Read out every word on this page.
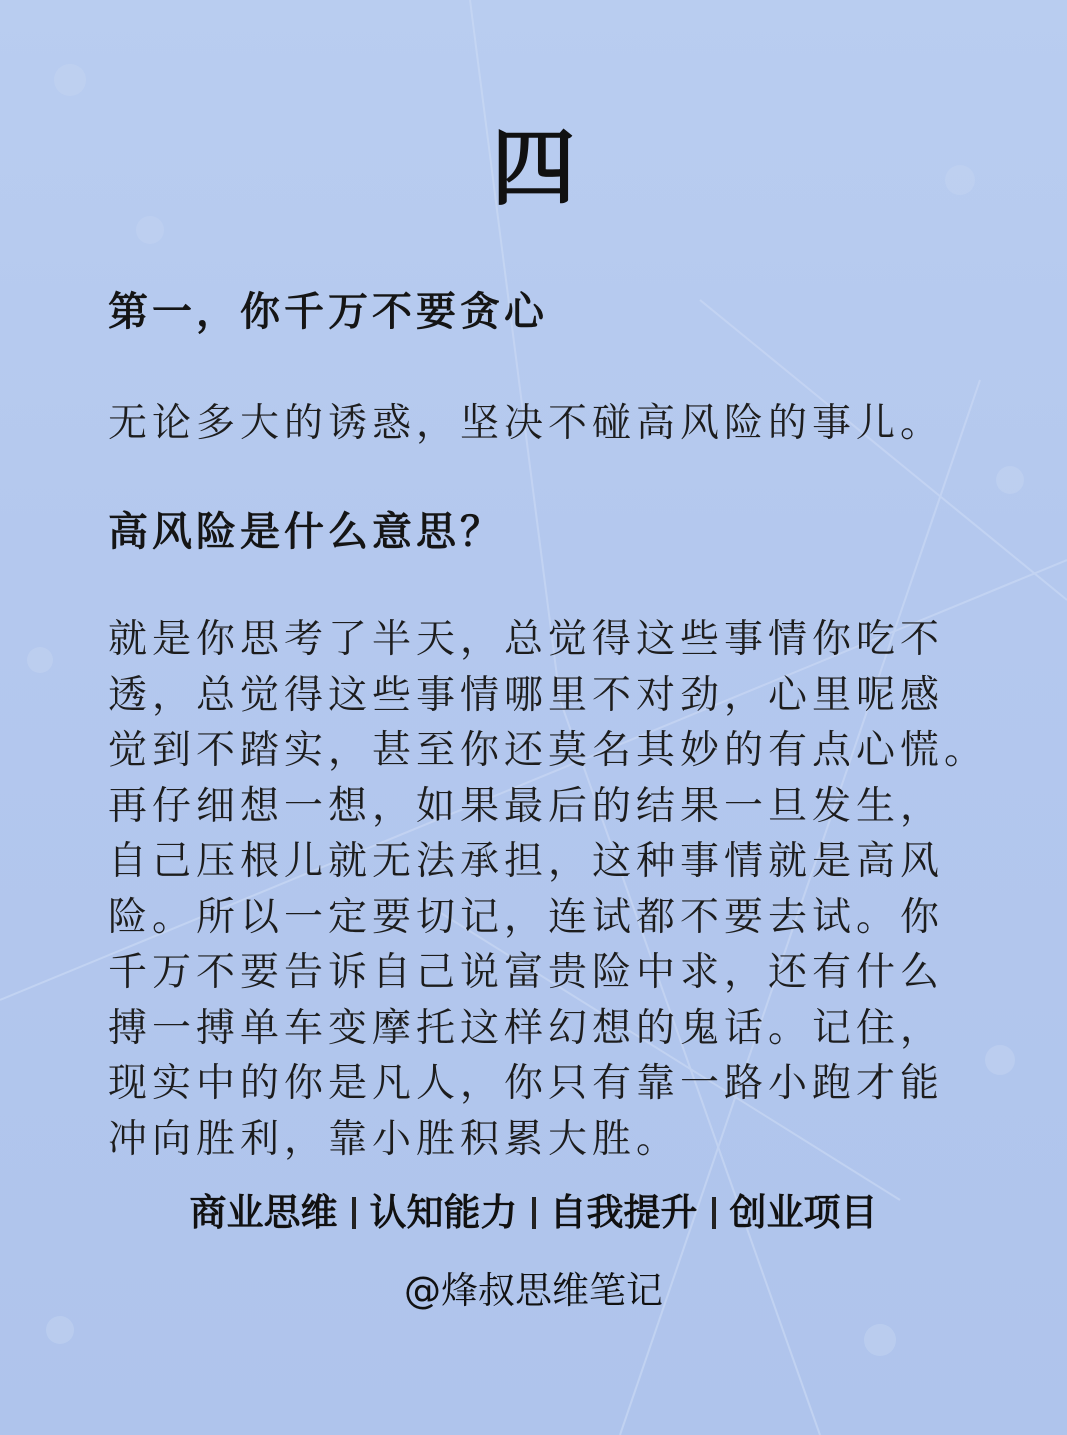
四
第一，你千万不要贪心
无论多大的诱惑，坚决不碰高风险的事儿。
高风险是什么意思？
就是你思考了半天，总觉得这些事情你吃不
透，总觉得这些事情哪里不对劲，心里呢感
觉到不踏实，甚至你还莫名其妙的有点心慌。
再仔细想一想，如果最后的结果一旦发生，
自己压根儿就无法承担，这种事情就是高风
险。所以一定要切记，连试都不要去试。你
千万不要告诉自己说富贵险中求，还有什么
搏一搏单车变摩托这样幻想的鬼话。记住，
现实中的你是凡人，你只有靠一路小跑才能
冲向胜利，靠小胜积累大胜。
商业思维 认知能力 自我提升 创业项目
@烽叔思维笔记
